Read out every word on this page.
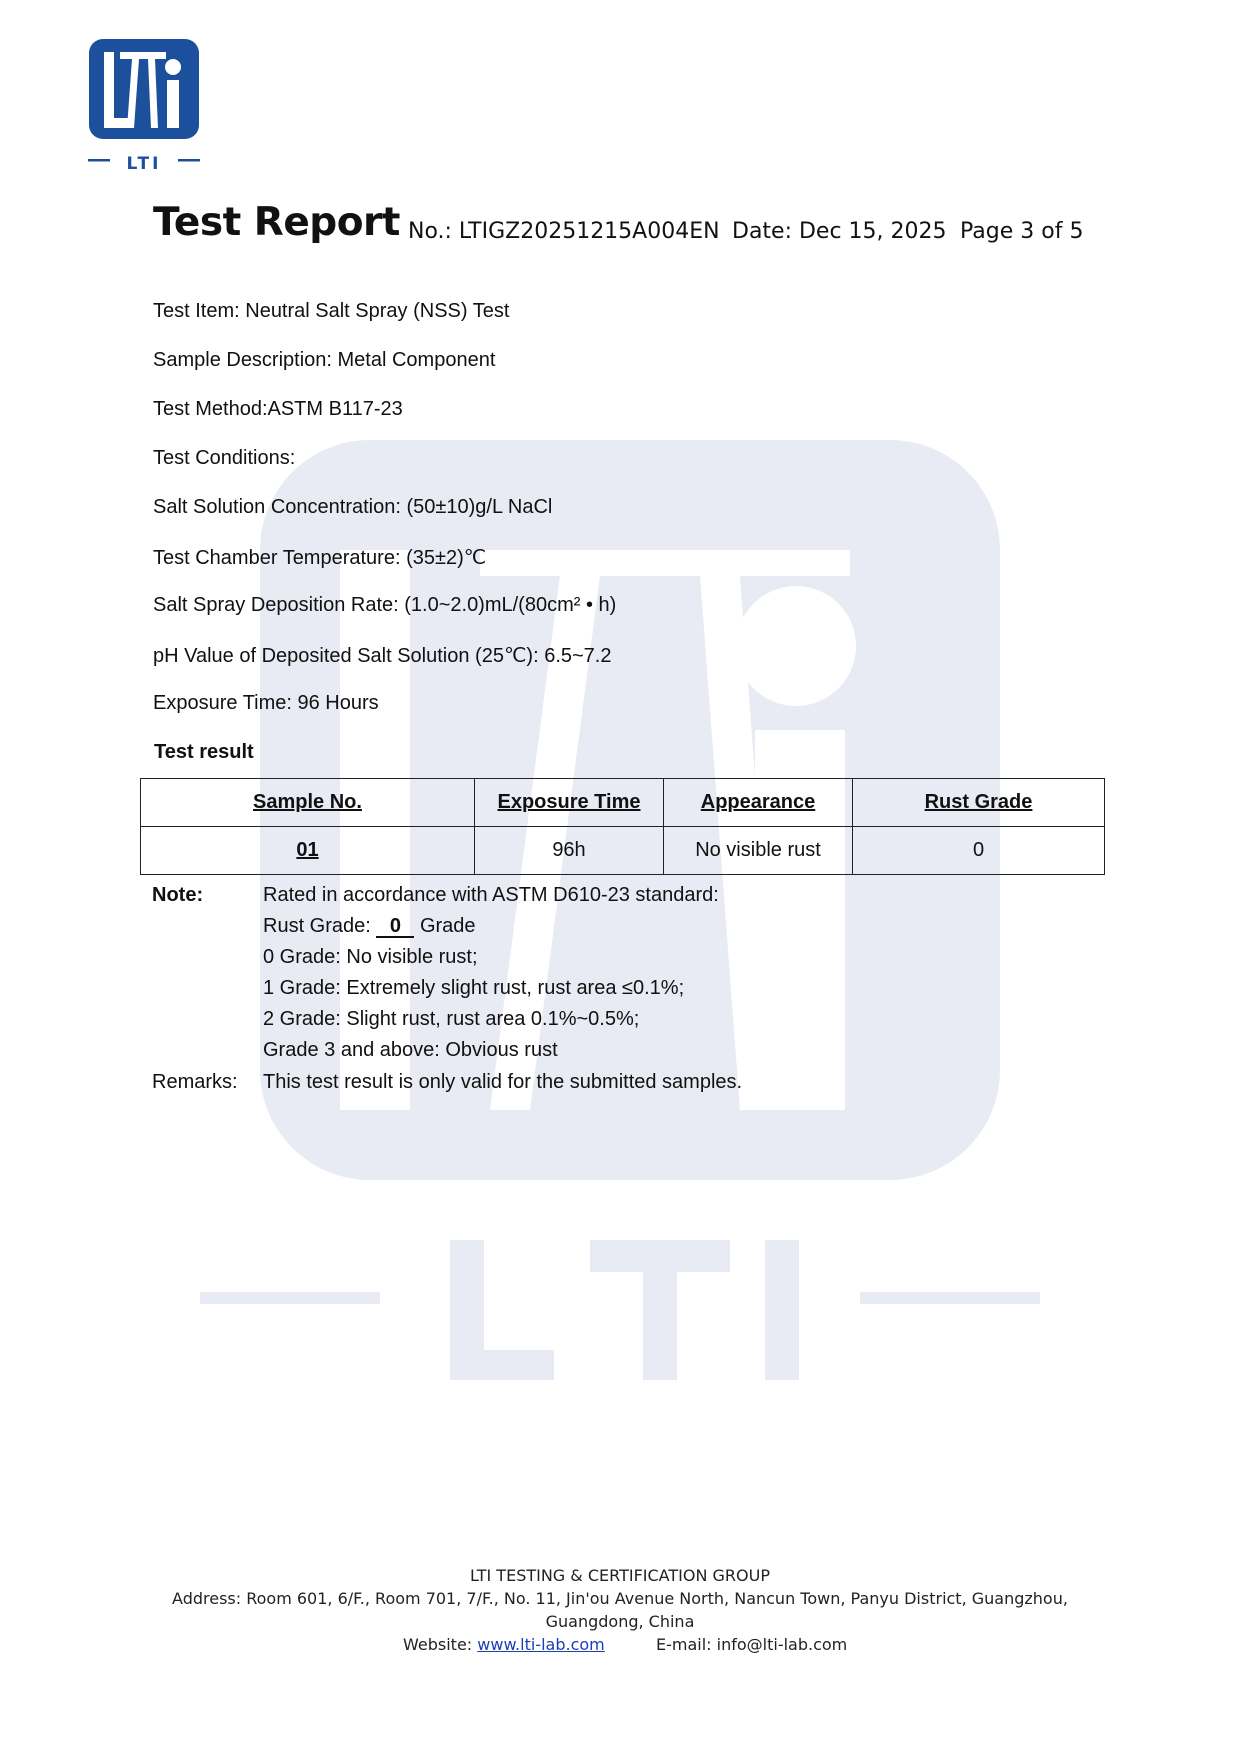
LTI
Test Report No.: LTIGZ20251215A004EN Date: Dec 15, 2025 Page 3 of 5
Test Item: Neutral Salt Spray (NSS) Test
Sample Description: Metal Component
Test Method:ASTM B117-23
Test Conditions:
Salt Solution Concentration: (50±10)g/L NaCl
Test Chamber Temperature: (35±2)℃
Salt Spray Deposition Rate: (1.0~2.0)mL/(80cm² • h)
pH Value of Deposited Salt Solution (25℃): 6.5~7.2
Exposure Time: 96 Hours
Test result
Sample No.	Exposure Time	Appearance	Rust Grade
01	96h	No visible rust	0
Note:	Rated in accordance with ASTM D610-23 standard:
Rust Grade: 0 Grade
0 Grade: No visible rust;
1 Grade: Extremely slight rust, rust area ≤0.1%;
2 Grade: Slight rust, rust area 0.1%~0.5%;
Grade 3 and above: Obvious rust
Remarks: This test result is only valid for the submitted samples.
LTI TESTING & CERTIFICATION GROUP
Address: Room 601, 6/F., Room 701, 7/F., No. 11, Jin'ou Avenue North, Nancun Town, Panyu District, Guangzhou,
Guangdong, China
Website: www.lti-lab.com	E-mail: info@lti-lab.com
